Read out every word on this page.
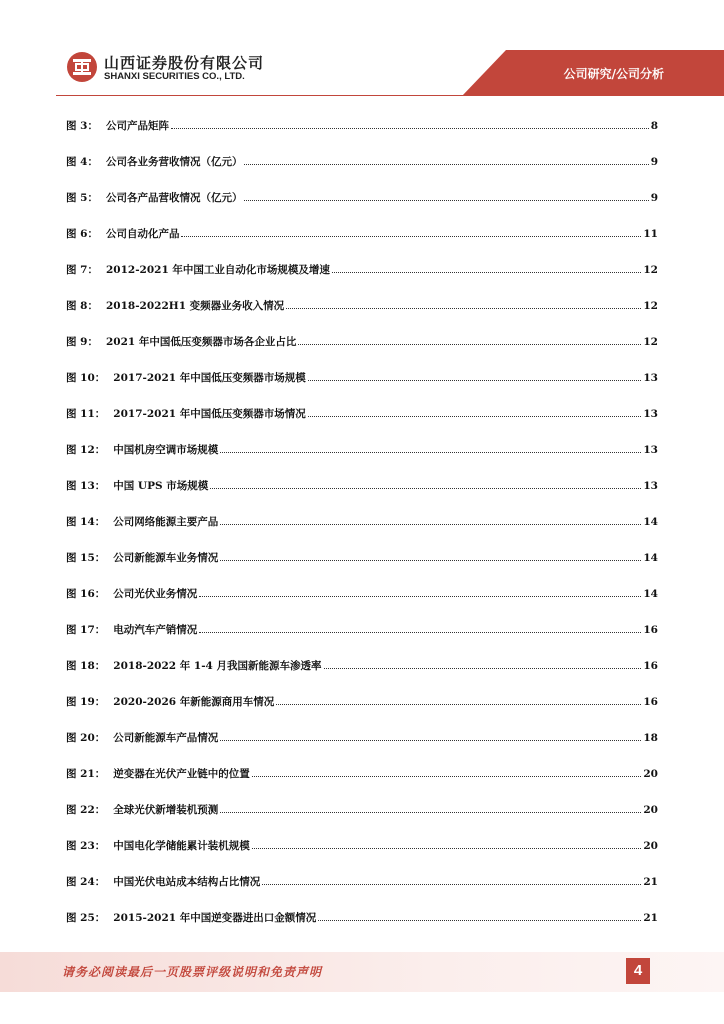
山西证券股份有限公司
SHANXI SECURITIES CO., LTD.	公司研究/公司分析
图 3： 公司产品矩阵	8
图 4： 公司各业务营收情况（亿元）	9
图 5： 公司各产品营收情况（亿元）	9
图 6： 公司自动化产品	11
图 7： 2012-2021 年中国工业自动化市场规模及增速	12
图 8： 2018-2022H1 变频器业务收入情况	12
图 9： 2021 年中国低压变频器市场各企业占比	12
图 10： 2017-2021 年中国低压变频器市场规模	13
图 11： 2017-2021 年中国低压变频器市场情况	13
图 12： 中国机房空调市场规模	13
图 13： 中国 UPS 市场规模	13
图 14： 公司网络能源主要产品	14
图 15： 公司新能源车业务情况	14
图 16： 公司光伏业务情况	14
图 17： 电动汽车产销情况	16
图 18： 2018-2022 年 1-4 月我国新能源车渗透率	16
图 19： 2020-2026 年新能源商用车情况	16
图 20： 公司新能源车产品情况	18
图 21： 逆变器在光伏产业链中的位置	20
图 22： 全球光伏新增装机预测	20
图 23： 中国电化学储能累计装机规模	20
图 24： 中国光伏电站成本结构占比情况	21
图 25： 2015-2021 年中国逆变器进出口金额情况	21
请务必阅读最后一页股票评级说明和免责声明	4
